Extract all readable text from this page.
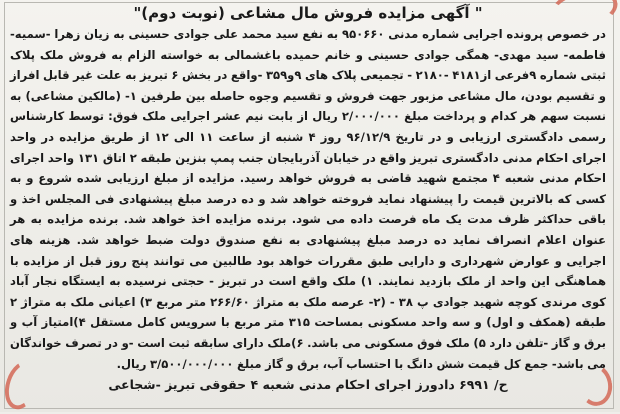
" آگهی مزایده فروش مال مشاعی (نوبت دوم)"

در خصوص پرونده اجرایی شماره مدنی ۹۵۰۶۶۰ به نفع سید محمد علی جوادی حسینی به زیان زهرا -سمیه-فاطمه- سید مهدی- همگی جوادی حسینی و خانم حمیده باغشمالی به خواسته الزام به فروش ملک پلاک ثبتی شماره ۹فرعی از۴۱۸۱ -۲۱۸۰ - تجمیعی پلاک های ۹و۳۵۹ -واقع در بخش ۶ تبریز به علت غیر قابل افراز و تقسیم بودن، مال مشاعی مزبور جهت فروش و تقسیم وجوه حاصله بین طرفین ۱- (مالکین مشاعی) به نسبت سهم هر کدام و پرداخت مبلغ ۲/۰۰۰/۰۰۰ ریال از بابت نیم عشر اجرایی ملک فوق: توسط کارشناس رسمی دادگستری ارزیابی و در تاریخ ۹۶/۱۲/۹ روز ۴ شنبه از ساعت ۱۱ الی ۱۲ از طریق مزایده در واحد اجرای احکام مدنی دادگستری تبریز واقع در خیابان آذربایجان جنب پمپ بنزین طبقه ۲ اتاق ۱۳۱ واحد اجرای احکام مدنی شعبه ۴ مجتمع شهید قاضی به فروش خواهد رسید. مزایده از مبلغ ارزیابی شده شروع و به کسی که بالاترین قیمت را پیشنهاد نماید فروخته خواهد شد و ده درصد مبلغ پیشنهادی فی المجلس اخذ و باقی حداکثر ظرف مدت یک ماه فرصت داده می شود. برنده مزایده اخذ خواهد شد. برنده مزایده به هر عنوان اعلام انصراف نماید ده درصد مبلغ پیشنهادی به نفع صندوق دولت ضبط خواهد شد. هزینه های اجرایی و عوارض شهرداری و دارایی طبق مقررات خواهد بود طالبین می توانند پنج روز قبل از مزایده با هماهنگی این واحد از ملک بازدید نمایند. ۱) ملک واقع است در تبریز - حجتی نرسیده به ایستگاه نجار آباد کوی مرندی کوچه شهید جوادی پ ۳۸ - (۲- عرصه ملک به متراژ ۲۶۶/۶۰ متر مربع ۳) اعیانی ملک به متراژ ۲ طبقه (همکف و اول) و سه واحد مسکونی بمساحت ۳۱۵ متر مربع با سرویس کامل مستقل ۴)امتیاز آب و برق و گاز -تلفن دارد ۵) ملک فوق مسکونی می باشد. ۶)ملک دارای سابقه ثبت است -و در تصرف خواندگان می باشد- جمع کل قیمت شش دانگ با احتساب آب، برق و گاز مبلغ ۳/۵۰۰/۰۰۰/۰۰۰ ریال.

ح/ ۶۹۹۱ دادورز اجرای احکام مدنی شعبه ۴ حقوقی تبریز -شجاعی
